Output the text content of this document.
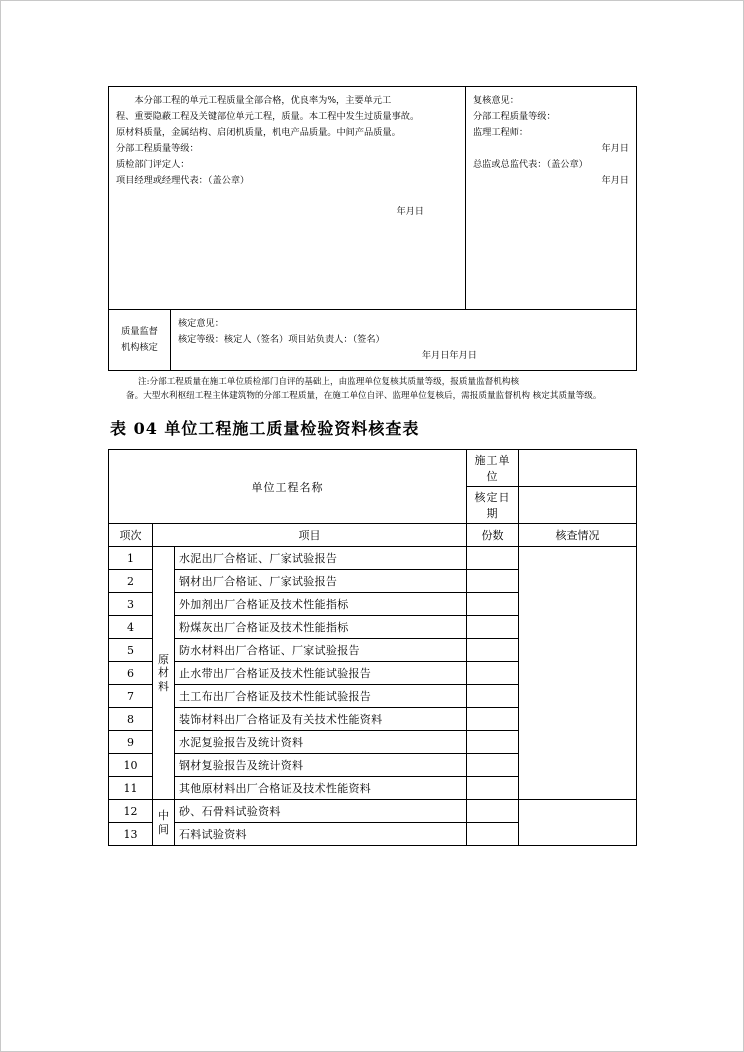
本分部工程的单元工程质量全部合格，优良率为%，主要单元工

程、重要隐蔽工程及关键部位单元工程，质量。本工程中发生过质量事故。

原材料质量，金属结构、启闭机质量，机电产品质量。中间产品质量。

分部工程质量等级：

质检部门评定人：

项目经理或经理代表：（盖公章）

年月日

复核意见：

分部工程质量等级：

监理工程师：

年月日

总监或总监代表：（盖公章）

年月日

质量监督
机构核定

核定意见：

核定等级：核定人（签名）项目站负责人：（签名）

年月日年月日

注:分部工程质量在施工单位质检部门自评的基础上，由监理单位复核其质量等级，报质量监督机构核
备。大型水利枢纽工程主体建筑物的分部工程质量，在施工单位自评、监理单位复核后，需报质量监督机构 核定其质量等级。
表 04 单位工程施工质量检验资料核查表
单位工程名称			施工单位	
			核定日期	
项次	项目		份数	核查情况
1	原材料	水泥出厂合格证、厂家试验报告		
2		钢材出厂合格证、厂家试验报告		
3		外加剂出厂合格证及技术性能指标		
4		粉煤灰出厂合格证及技术性能指标		
5		防水材料出厂合格证、厂家试验报告		
6		止水带出厂合格证及技术性能试验报告		
7		土工布出厂合格证及技术性能试验报告		
8		装饰材料出厂合格证及有关技术性能资料		
9		水泥复验报告及统计资料		
10		钢材复验报告及统计资料		
11		其他原材料出厂合格证及技术性能资料		
12	中间	砂、石骨料试验资料		
13		石料试验资料		
